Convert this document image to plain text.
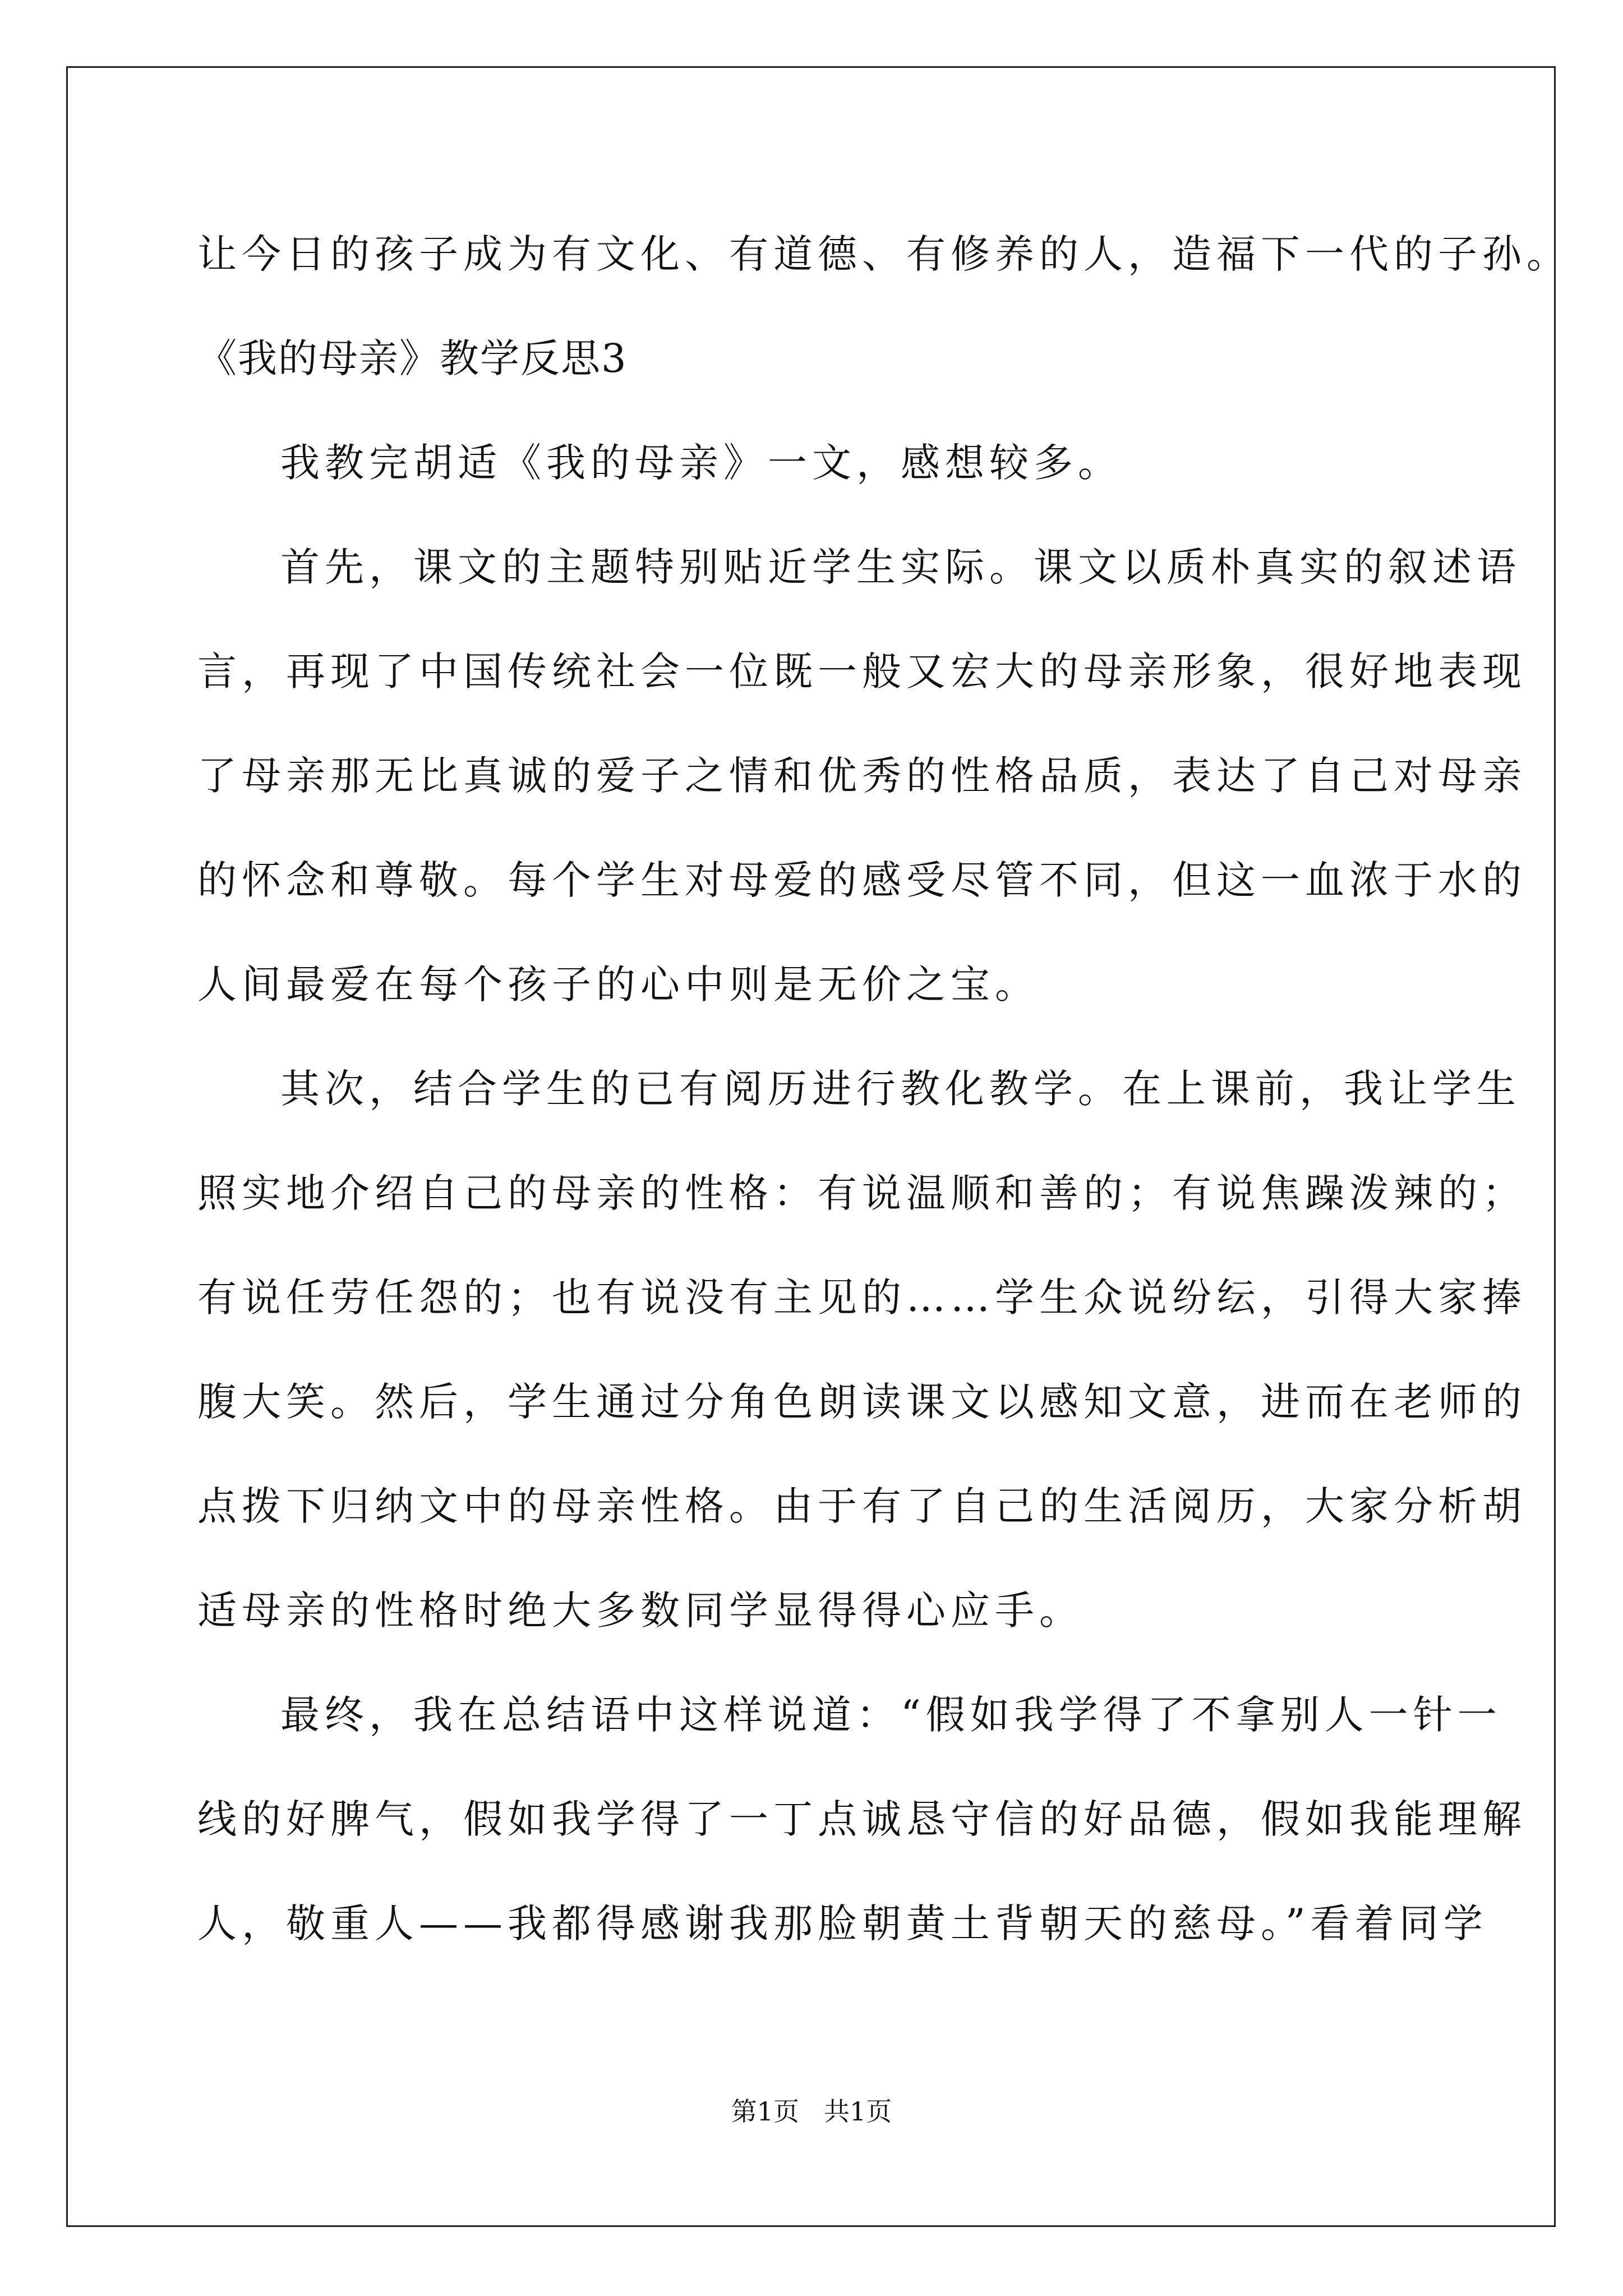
让今日的孩子成为有文化、有道德、有修养的人，造福下一代的子孙。
《我的母亲》教学反思3
我教完胡适《我的母亲》一文，感想较多。
首先，课文的主题特别贴近学生实际。课文以质朴真实的叙述语
言，再现了中国传统社会一位既一般又宏大的母亲形象，很好地表现
了母亲那无比真诚的爱子之情和优秀的性格品质，表达了自己对母亲
的怀念和尊敬。每个学生对母爱的感受尽管不同，但这一血浓于水的
人间最爱在每个孩子的心中则是无价之宝。
其次，结合学生的已有阅历进行教化教学。在上课前，我让学生
照实地介绍自己的母亲的性格：有说温顺和善的；有说焦躁泼辣的；
有说任劳任怨的；也有说没有主见的……学生众说纷纭，引得大家捧
腹大笑。然后，学生通过分角色朗读课文以感知文意，进而在老师的
点拨下归纳文中的母亲性格。由于有了自己的生活阅历，大家分析胡
适母亲的性格时绝大多数同学显得得心应手。
最终，我在总结语中这样说道：“假如我学得了不拿别人一针一
线的好脾气，假如我学得了一丁点诚恳守信的好品德，假如我能理解
人，敬重人——我都得感谢我那脸朝黄土背朝天的慈母。”看着同学
第1页 共1页
